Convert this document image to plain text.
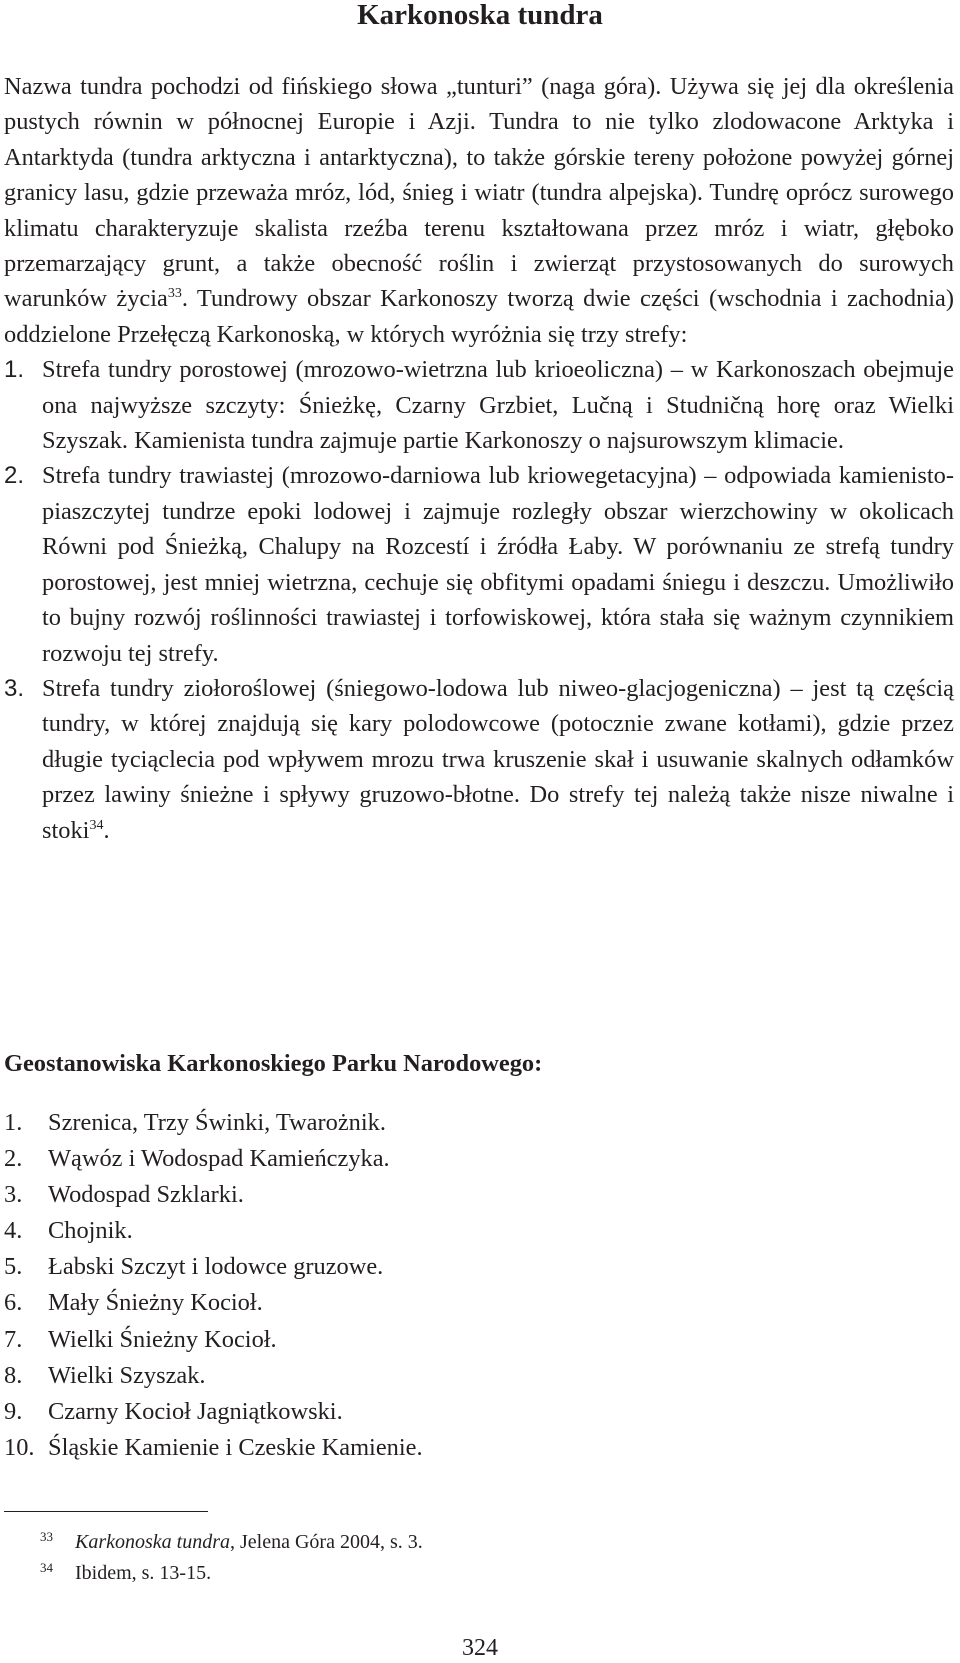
Karkonoska tundra

Nazwa tundra pochodzi od fińskiego słowa „tunturi” (naga góra). Używa się jej dla określenia pustych równin w północnej Europie i Azji. Tundra to nie tylko zlodowacone Arktyka i Antarktyda (tundra arktyczna i antarktyczna), to także górskie tereny położone powyżej górnej granicy lasu, gdzie przeważa mróz, lód, śnieg i wiatr (tundra alpejska). Tundrę oprócz surowego klimatu charakteryzuje skalista rzeźba terenu kształtowana przez mróz i wiatr, głęboko przemarzający grunt, a także obecność roślin i zwierząt przystosowanych do surowych warunków życia$^{33}$. Tundrowy obszar Karkonoszy tworzą dwie części (wschodnia i zachodnia) oddzielone Przełęczą Karkonoską, w których wyróżnia się trzy strefy:

1. Strefa tundry porostowej (mrozowo-wietrzna lub krioeoliczna) – w Karkonoszach obejmuje ona najwyższe szczyty: Śnieżkę, Czarny Grzbiet, Lučną i Studničną horę oraz Wielki Szyszak. Kamienista tundra zajmuje partie Karkonoszy o najsurowszym klimacie.
2. Strefa tundry trawiastej (mrozowo-darniowa lub kriowegetacyjna) – odpowiada kamienisto-piaszczytej tundrze epoki lodowej i zajmuje rozległy obszar wierzchowiny w okolicach Równi pod Śnieżką, Chalupy na Rozcestí i źródła Łaby. W porównaniu ze strefą tundry porostowej, jest mniej wietrzna, cechuje się obfitymi opadami śniegu i deszczu. Umożliwiło to bujny rozwój roślinności trawiastej i torfowiskowej, która stała się ważnym czynnikiem rozwoju tej strefy.
3. Strefa tundry ziołoroślowej (śniegowo-lodowa lub niweo-glacjogeniczna) – jest tą częścią tundry, w której znajdują się kary polodowcowe (potocznie zwane kotłami), gdzie przez długie tyciąclecia pod wpływem mrozu trwa kruszenie skał i usuwanie skalnych odłamków przez lawiny śnieżne i spływy gruzowo-błotne. Do strefy tej należą także nisze niwalne i stoki$^{34}$.
Geostanowiska Karkonoskiego Parku Narodowego:
1. Szrenica, Trzy Świnki, Twarożnik.
2. Wąwóz i Wodospad Kamieńczyka.
3. Wodospad Szklarki.
4. Chojnik.
5. Łabski Szczyt i lodowce gruzowe.
6. Mały Śnieżny Kocioł.
7. Wielki Śnieżny Kocioł.
8. Wielki Szyszak.
9. Czarny Kocioł Jagniątkowski.
10. Śląskie Kamienie i Czeskie Kamienie.
33 Karkonoska tundra, Jelena Góra 2004, s. 3.
34 Ibidem, s. 13-15.
324
